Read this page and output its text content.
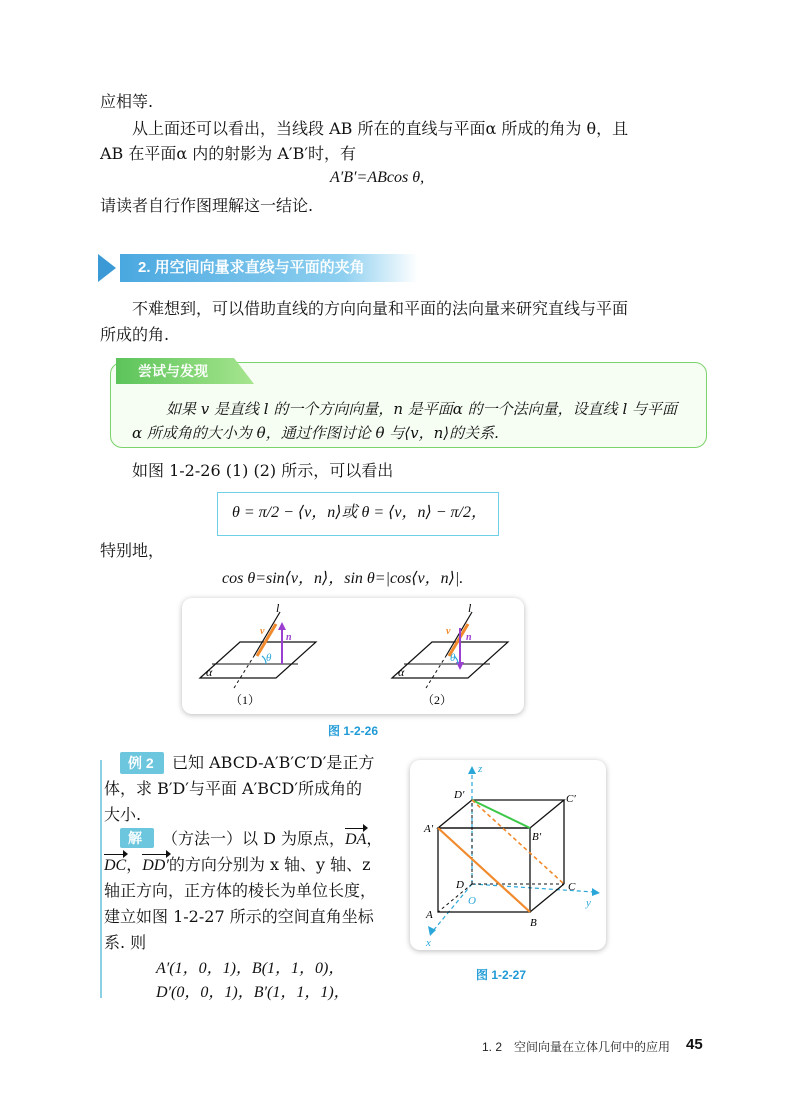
应相等.
从上面还可以看出，当线段 AB 所在的直线与平面α 所成的角为 θ，且
AB 在平面α 内的射影为 A′B′时，有
A′B′=ABcos θ,
请读者自行作图理解这一结论.
2. 用空间向量求直线与平面的夹角
不难想到，可以借助直线的方向向量和平面的法向量来研究直线与平面
所成的角.
尝试与发现
如果 v 是直线 l 的一个方向向量，n 是平面α 的一个法向量，设直线 l 与平面
α 所成角的大小为 θ，通过作图讨论 θ 与⟨v，n⟩的关系.
如图 1-2-26 (1) (2) 所示，可以看出
θ = π/2 − ⟨v，n⟩或 θ = ⟨v，n⟩ − π/2，
特别地，
cos θ=sin⟨v，n⟩，sin θ=|cos⟨v，n⟩|.
l
v
n
θ
α
（1）
l
v
n
θ
α
（2）
图 1-2-26
例 2 已知 ABCD-A′B′C′D′是正方
体，求 B′D′与平面 A′BCD′所成角的
大小.
解 （方法一）以 D 为原点，DA，
DC，DD′的方向分别为 x 轴、y 轴、z
轴正方向，正方体的棱长为单位长度，
建立如图 1-2-27 所示的空间直角坐标
系. 则
A′(1，0，1)，B(1，1，0)，
D′(0，0，1)，B′(1，1，1)，
z
y
x
O
D
A
B
C
D′
A′
B′
C′
图 1-2-27
1. 2　空间向量在立体几何中的应用 45
